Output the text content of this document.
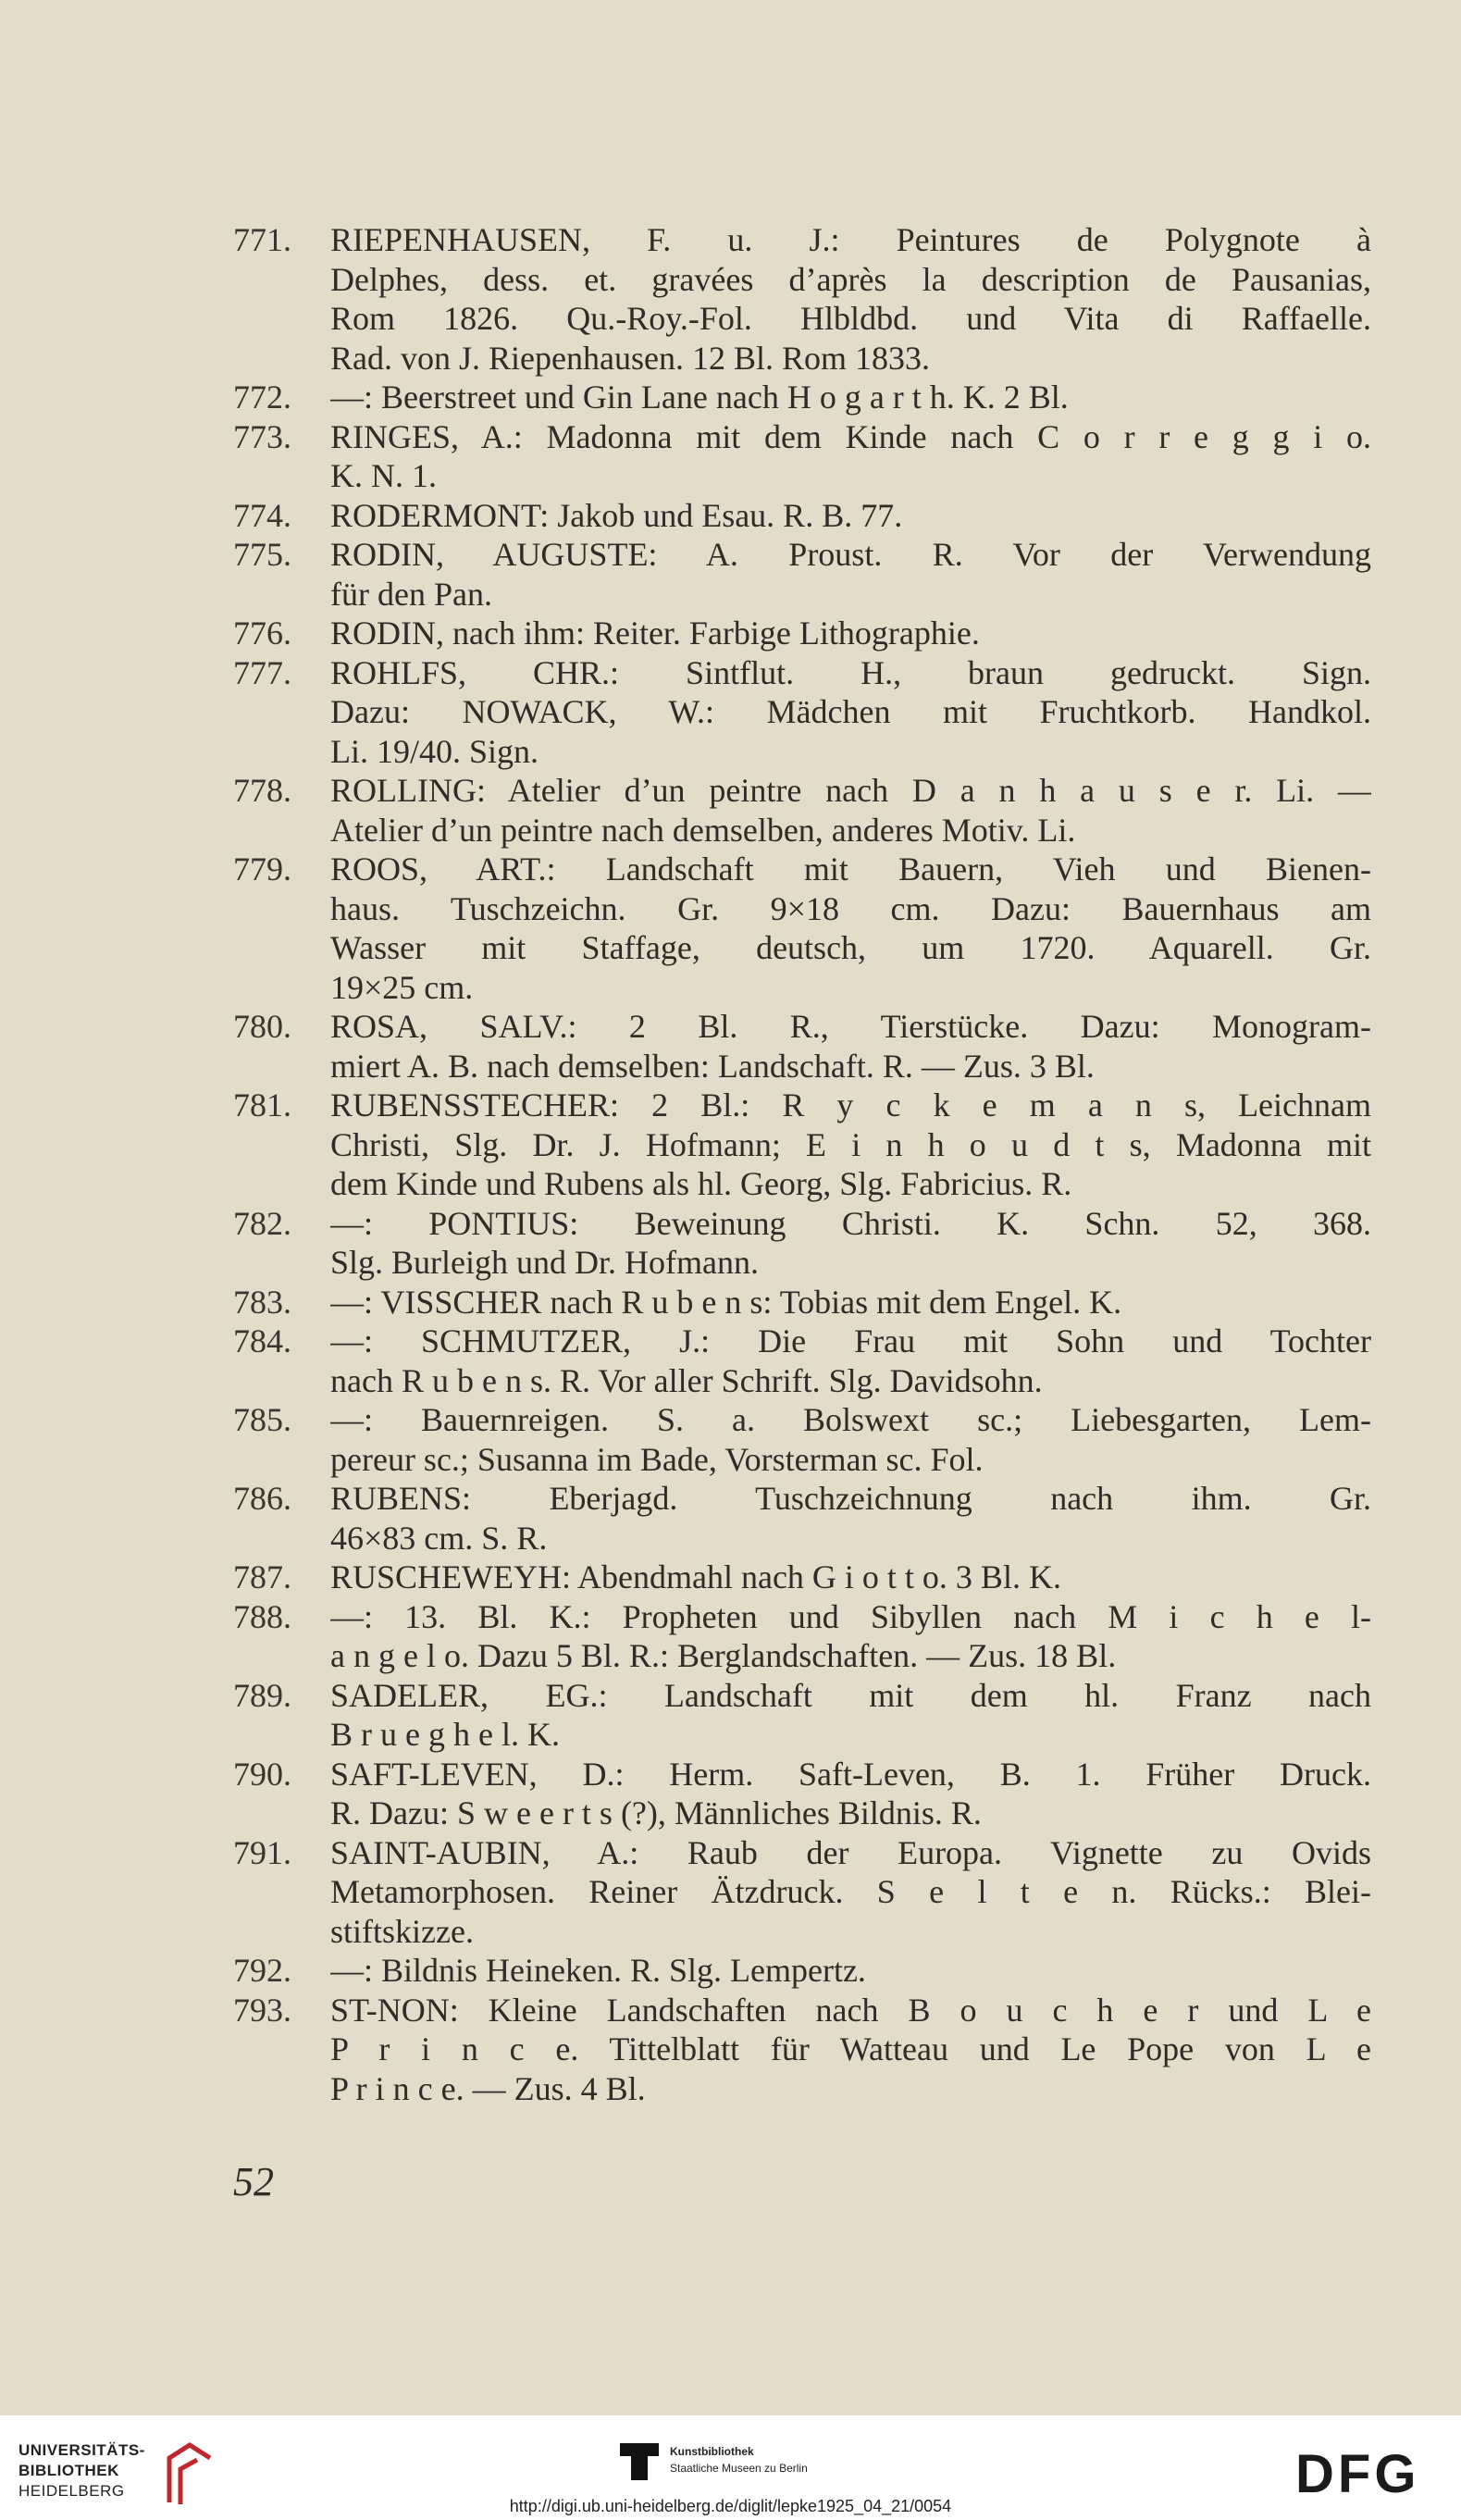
771.	RIEPENHAUSEN, F. u. J.: Peintures de Polygnote à
Delphes, dess. et. gravées d’après la description de Pausanias,
Rom 1826. Qu.-Roy.-Fol. Hlbldbd. und Vita di Raffaelle.
Rad. von J. Riepenhausen. 12 Bl. Rom 1833.
772.	—: Beerstreet und Gin Lane nach H o g a r t h. K. 2 Bl.
773.	RINGES, A.: Madonna mit dem Kinde nach C o r r e g g i o.
K. N. 1.
774.	RODERMONT: Jakob und Esau. R. B. 77.
775.	RODIN, AUGUSTE: A. Proust. R. Vor der Verwendung
für den Pan.
776.	RODIN, nach ihm: Reiter. Farbige Lithographie.
777.	ROHLFS, CHR.: Sintflut. H., braun gedruckt. Sign.
Dazu: NOWACK, W.: Mädchen mit Fruchtkorb. Handkol.
Li. 19/40. Sign.
778.	ROLLING: Atelier d’un peintre nach D a n h a u s e r. Li. —
Atelier d’un peintre nach demselben, anderes Motiv. Li.
779.	ROOS, ART.: Landschaft mit Bauern, Vieh und Bienen-
haus. Tuschzeichn. Gr. 9×18 cm. Dazu: Bauernhaus am
Wasser mit Staffage, deutsch, um 1720. Aquarell. Gr.
19×25 cm.
780.	ROSA, SALV.: 2 Bl. R., Tierstücke. Dazu: Monogram-
miert A. B. nach demselben: Landschaft. R. — Zus. 3 Bl.
781.	RUBENSSTECHER: 2 Bl.: R y c k e m a n s, Leichnam
Christi, Slg. Dr. J. Hofmann; E i n h o u d t s, Madonna mit
dem Kinde und Rubens als hl. Georg, Slg. Fabricius. R.
782.	—: PONTIUS: Beweinung Christi. K. Schn. 52, 368.
Slg. Burleigh und Dr. Hofmann.
783.	—: VISSCHER nach R u b e n s: Tobias mit dem Engel. K.
784.	—: SCHMUTZER, J.: Die Frau mit Sohn und Tochter
nach R u b e n s. R. Vor aller Schrift. Slg. Davidsohn.
785.	—: Bauernreigen. S. a. Bolswext sc.; Liebesgarten, Lem-
pereur sc.; Susanna im Bade, Vorsterman sc. Fol.
786.	RUBENS: Eberjagd. Tuschzeichnung nach ihm. Gr.
46×83 cm. S. R.
787.	RUSCHEWEYH: Abendmahl nach G i o t t o. 3 Bl. K.
788.	—: 13. Bl. K.: Propheten und Sibyllen nach M i c h e l-
a n g e l o. Dazu 5 Bl. R.: Berglandschaften. — Zus. 18 Bl.
789.	SADELER, EG.: Landschaft mit dem hl. Franz nach
B r u e g h e l. K.
790.	SAFT-LEVEN, D.: Herm. Saft-Leven, B. 1. Früher Druck.
R. Dazu: S w e e r t s (?), Männliches Bildnis. R.
791.	SAINT-AUBIN, A.: Raub der Europa. Vignette zu Ovids
Metamorphosen. Reiner Ätzdruck. S e l t e n. Rücks.: Blei-
stiftskizze.
792.	—: Bildnis Heineken. R. Slg. Lempertz.
793.	ST-NON: Kleine Landschaften nach B o u c h e r und L e
P r i n c e. Tittelblatt für Watteau und Le Pope von L e
P r i n c e. — Zus. 4 Bl.
52
UNIVERSITÄTS-
BIBLIOTHEK
HEIDELBERG
Kunstbibliothek
Staatliche Museen zu Berlin	DFG
http://digi.ub.uni-heidelberg.de/diglit/lepke1925_04_21/0054
